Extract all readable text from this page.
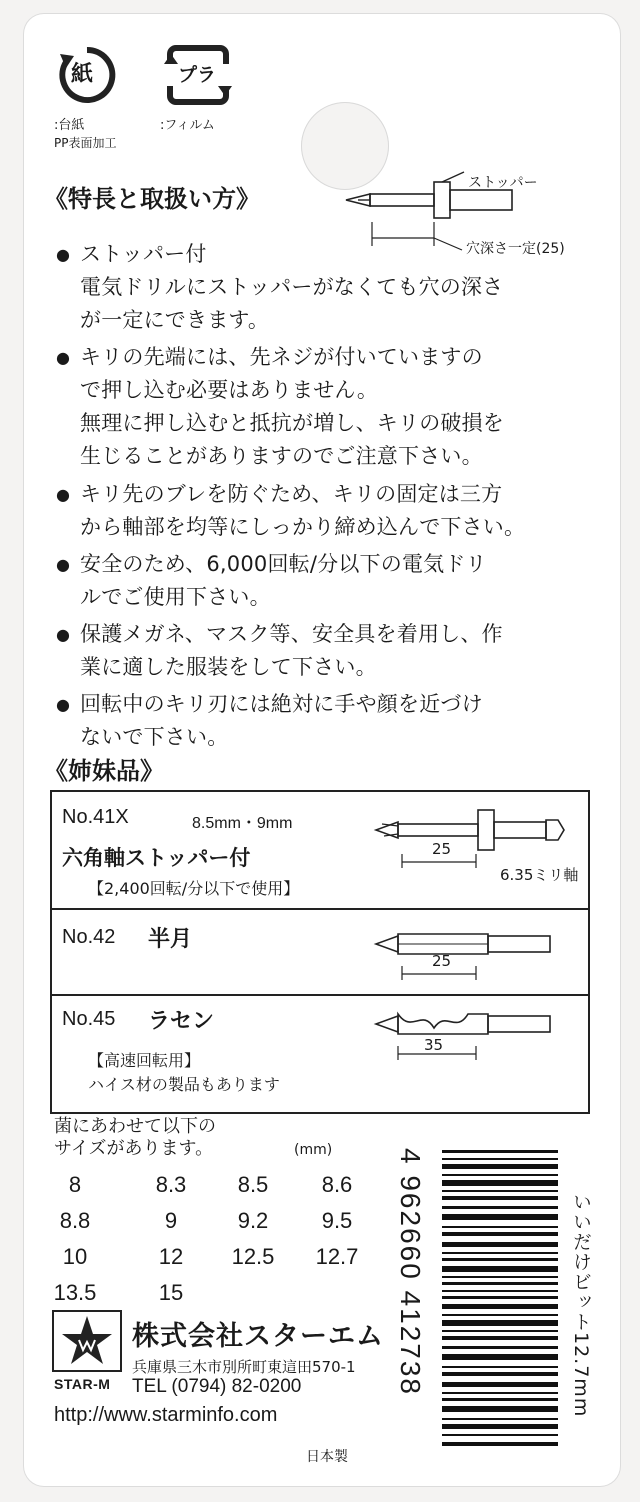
紙	プラ
:台紙
PP表面加工
:フィルム
《特長と取扱い方》
ストッパー
穴深さ一定(25)
● ストッパー付
電気ドリルにストッパーがなくても穴の深さ
が一定にできます。
● キリの先端には、先ネジが付いていますの
で押し込む必要はありません。
無理に押し込むと抵抗が増し、キリの破損を
生じることがありますのでご注意下さい。
● キリ先のブレを防ぐため、キリの固定は三方
から軸部を均等にしっかり締め込んで下さい。
● 安全のため、6,000回転/分以下の電気ドリ
ルでご使用下さい。
● 保護メガネ、マスク等、安全具を着用し、作
業に適した服装をして下さい。
● 回転中のキリ刃には絶対に手や顔を近づけ
ないで下さい。
《姉妹品》
No.41X	8.5mm・9mm
六角軸ストッパー付
【2,400回転/分以下で使用】
25
6.35ミリ軸
No.42 半月
25
No.45 ラセン
【高速回転用】
ハイス材の製品もあります
35
菌にあわせて以下の
サイズがあります。	(mm)
8	8.3	8.5	8.6
8.8	9	9.2	9.5
10	12	12.5	12.7
13.5	15
STAR-M
株式会社スターエム
兵庫県三木市別所町東這田570-1
TEL (0794) 82-0200
http://www.starminfo.com
日本製
4 962660 412738	いいだけビット12.7mm
